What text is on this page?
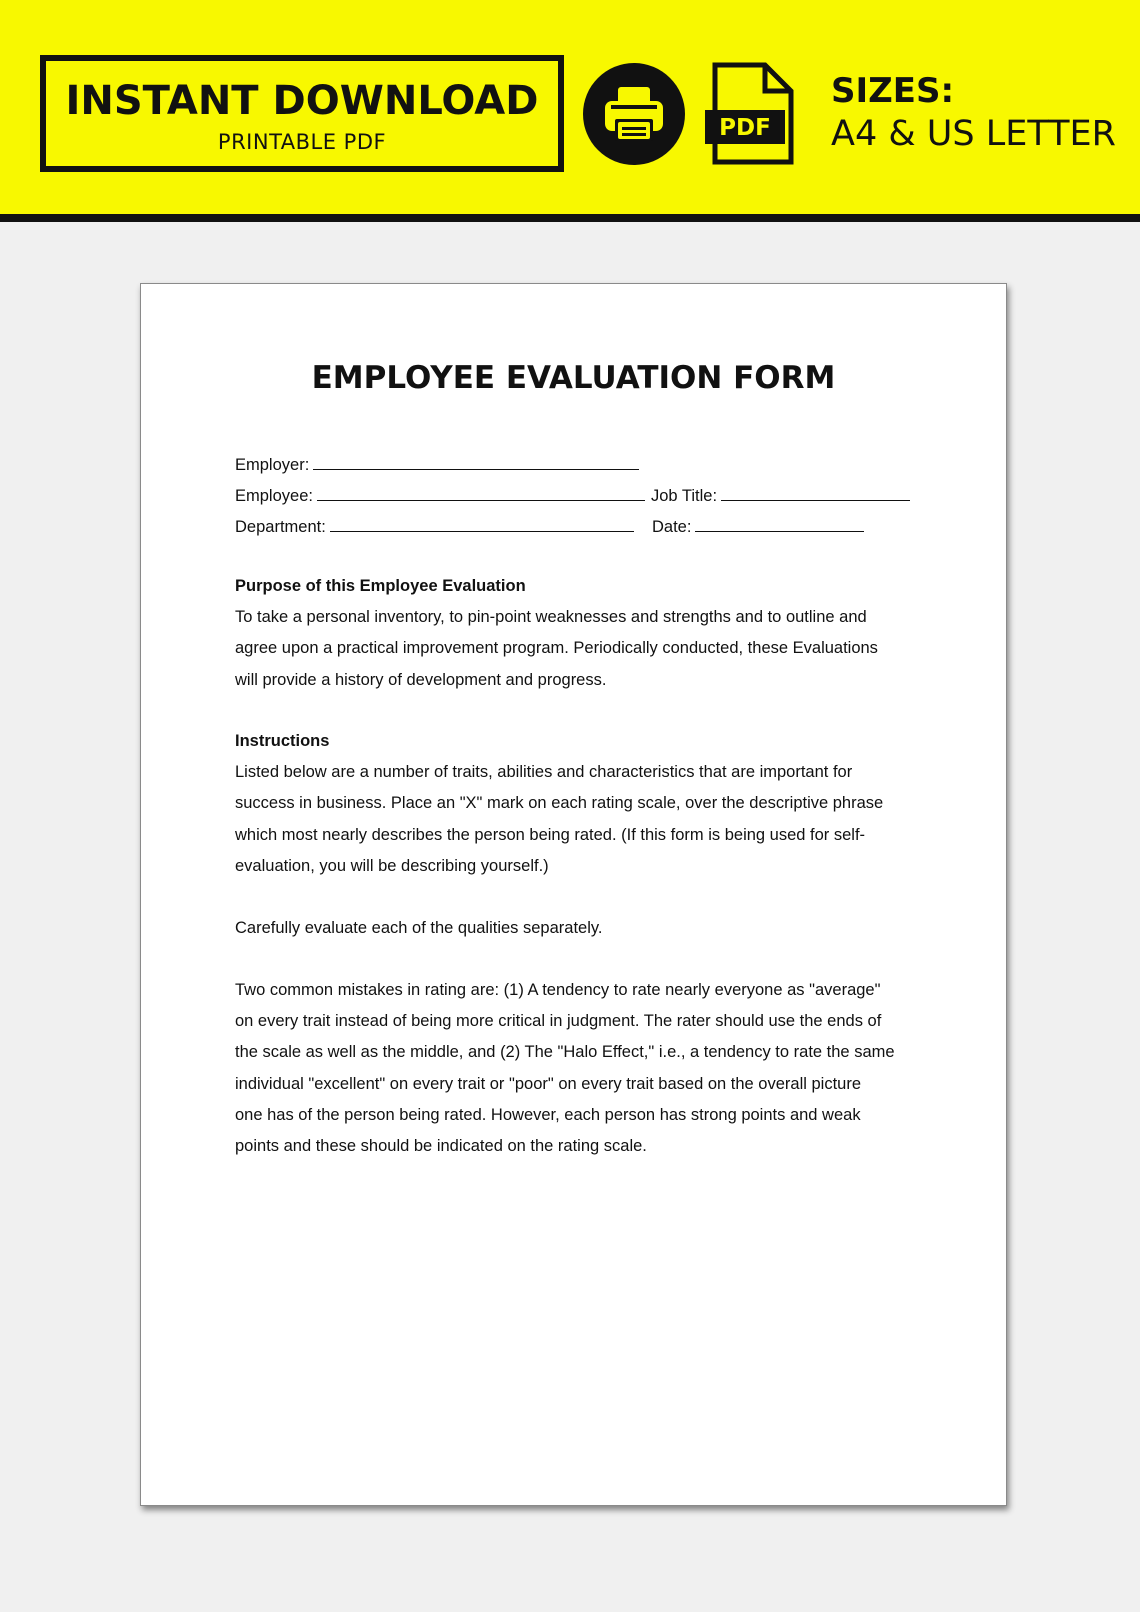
INSTANT DOWNLOAD
PRINTABLE PDF
PDF
SIZES:
A4 & US LETTER
EMPLOYEE EVALUATION FORM
Employer:
Employee:	Job Title:
Department:	Date:

Purpose of this Employee Evaluation

To take a personal inventory, to pin-point weaknesses and strengths and to outline and

agree upon a practical improvement program. Periodically conducted, these Evaluations

will provide a history of development and progress.

Instructions

Listed below are a number of traits, abilities and characteristics that are important for

success in business. Place an "X" mark on each rating scale, over the descriptive phrase

which most nearly describes the person being rated. (If this form is being used for self-

evaluation, you will be describing yourself.)

Carefully evaluate each of the qualities separately.

Two common mistakes in rating are: (1) A tendency to rate nearly everyone as "average"

on every trait instead of being more critical in judgment. The rater should use the ends of

the scale as well as the middle, and (2) The "Halo Effect," i.e., a tendency to rate the same

individual "excellent" on every trait or "poor" on every trait based on the overall picture

one has of the person being rated. However, each person has strong points and weak

points and these should be indicated on the rating scale.
